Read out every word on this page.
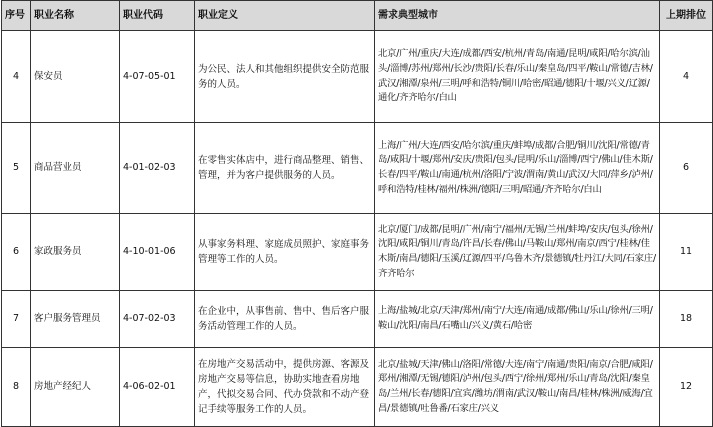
序号	职业名称	职业代码	职业定义	需求典型城市	上期排位
4	保安员	4-07-05-01	为公民、法人和其他组织提供安全防范服务的人员。	北京/广州/重庆/大连/成都/西安/杭州/青岛/南通/昆明/咸阳/哈尔滨/汕头/淄博/苏州/郑州/长沙/贵阳/长春/乐山/秦皇岛/四平/鞍山/常德/吉林/武汉/湘潭/泉州/三明/呼和浩特/铜川/哈密/昭通/德阳/十堰/兴义/辽源/通化/齐齐哈尔/白山	4
5	商品营业员	4-01-02-03	在零售实体店中，进行商品整理、销售、管理，并为客户提供服务的人员。	上海/广州/大连/西安/哈尔滨/重庆/蚌埠/成都/合肥/铜川/沈阳/常德/青岛/咸阳/十堰/郑州/安庆/贵阳/包头/昆明/乐山/淄博/西宁/佛山/佳木斯/长春/四平/鞍山/南通/杭州/洛阳/宁波/渭南/黄山/武汉/大同/萍乡/泸州/呼和浩特/桂林/福州/株洲/德阳/三明/昭通/齐齐哈尔/白山	6
6	家政服务员	4-10-01-06	从事家务料理、家庭成员照护、家庭事务管理等工作的人员。	北京/厦门/成都/昆明/广州/南宁/福州/无锡/兰州/蚌埠/安庆/包头/徐州/沈阳/咸阳/铜川/青岛/许昌/长春/佛山/马鞍山/郑州/南京/西宁/桂林/佳木斯/南昌/德阳/玉溪/辽源/四平/乌鲁木齐/景德镇/牡丹江/大同/石家庄/齐齐哈尔	11
7	客户服务管理员	4-07-02-03	在企业中，从事售前、售中、售后客户服务活动管理工作的人员。	上海/盐城/北京/天津/郑州/南宁/大连/南通/成都/佛山/乐山/徐州/三明/鞍山/沈阳/南昌/石嘴山/兴义/黄石/哈密	18
8	房地产经纪人	4-06-02-01	在房地产交易活动中，提供房源、客源及房地产交易等信息，协助实地查看房地产，代拟交易合同、代办贷款和不动产登记手续等服务工作的人员。	北京/盐城/天津/佛山/洛阳/常德/大连/南宁/南通/贵阳/南京/合肥/咸阳/郑州/湘潭/无锡/德阳/泸州/包头/西宁/徐州/郑州/乐山/青岛/沈阳/秦皇岛/兰州/长春/德阳/宜宾/潍坊/渭南/武汉/鞍山/南昌/桂林/株洲/威海/宜昌/景德镇/吐鲁番/石家庄/兴义	12
